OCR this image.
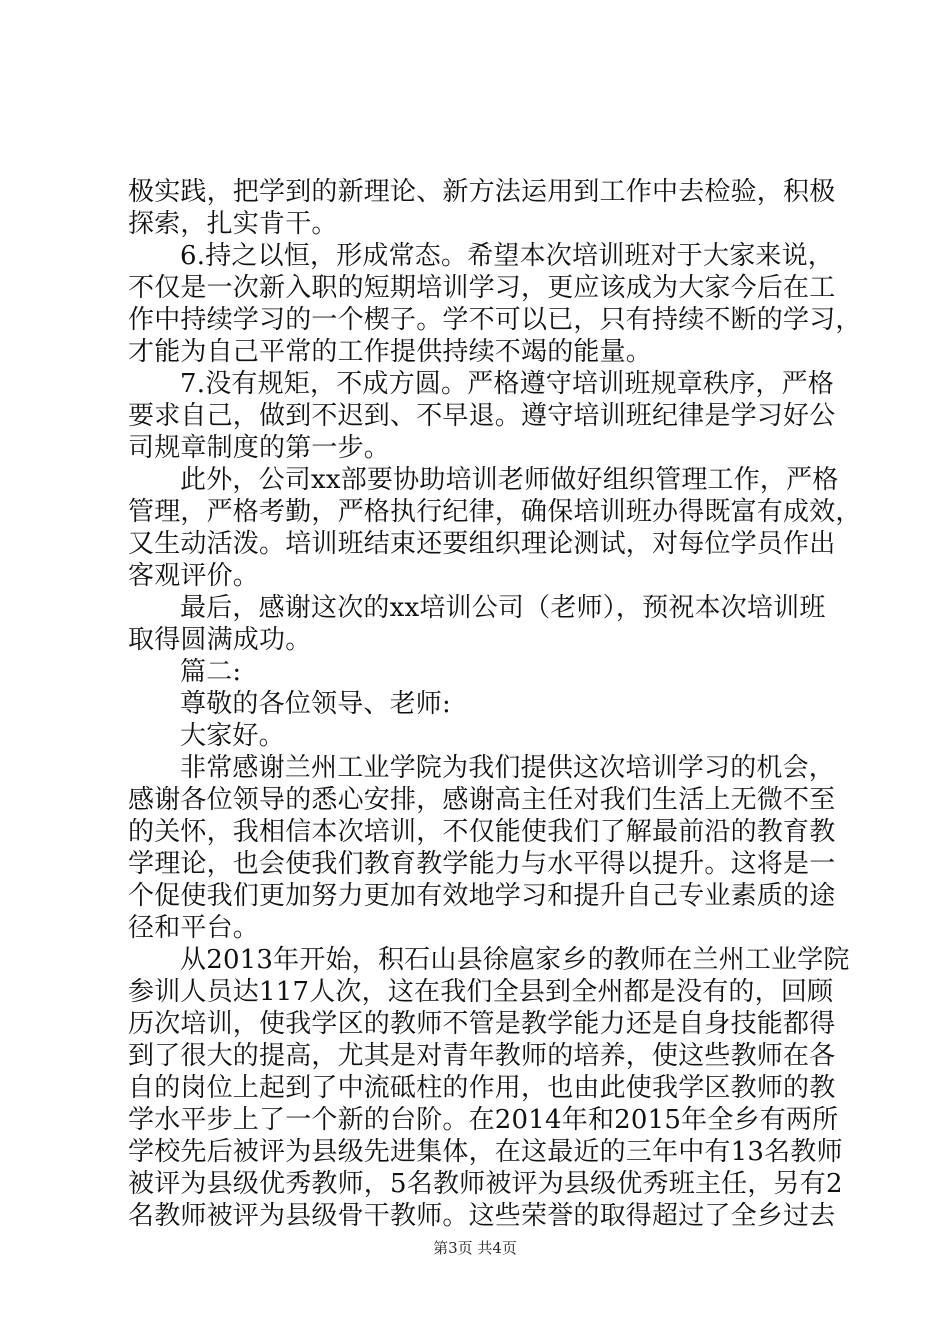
极实践，把学到的新理论、新方法运用到工作中去检验，积极
探索，扎实肯干。
6.持之以恒，形成常态。希望本次培训班对于大家来说，
不仅是一次新入职的短期培训学习，更应该成为大家今后在工
作中持续学习的一个楔子。学不可以已，只有持续不断的学习，
才能为自己平常的工作提供持续不竭的能量。
7.没有规矩，不成方圆。严格遵守培训班规章秩序，严格
要求自己，做到不迟到、不早退。遵守培训班纪律是学习好公
司规章制度的第一步。
此外，公司xx部要协助培训老师做好组织管理工作，严格
管理，严格考勤，严格执行纪律，确保培训班办得既富有成效，
又生动活泼。培训班结束还要组织理论测试，对每位学员作出
客观评价。
最后，感谢这次的xx培训公司（老师），预祝本次培训班
取得圆满成功。
篇二:
尊敬的各位领导、老师:
大家好。
非常感谢兰州工业学院为我们提供这次培训学习的机会，
感谢各位领导的悉心安排，感谢高主任对我们生活上无微不至
的关怀，我相信本次培训，不仅能使我们了解最前沿的教育教
学理论，也会使我们教育教学能力与水平得以提升。这将是一
个促使我们更加努力更加有效地学习和提升自己专业素质的途
径和平台。
从2013年开始，积石山县徐扈家乡的教师在兰州工业学院
参训人员达117人次，这在我们全县到全州都是没有的，回顾
历次培训，使我学区的教师不管是教学能力还是自身技能都得
到了很大的提高，尤其是对青年教师的培养，使这些教师在各
自的岗位上起到了中流砥柱的作用，也由此使我学区教师的教
学水平步上了一个新的台阶。在2014年和2015年全乡有两所
学校先后被评为县级先进集体，在这最近的三年中有13名教师
被评为县级优秀教师，5名教师被评为县级优秀班主任，另有2
名教师被评为县级骨干教师。这些荣誉的取得超过了全乡过去
第3页 共4页
